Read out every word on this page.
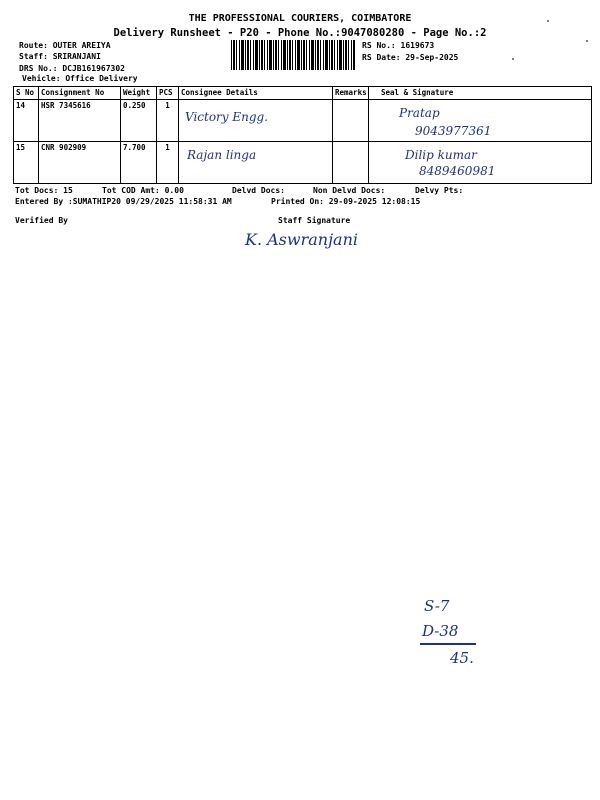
THE PROFESSIONAL COURIERS, COIMBATORE
Delivery Runsheet - P20 - Phone No.:9047080280 - Page No.:2
Route: OUTER AREIYA
Staff: SRIRANJANI
DRS No.: DCJB161967302
Vehicle: Office Delivery
RS No.: 1619673
RS Date: 29-Sep-2025
S No	Consignment No	Weight	PCS	Consignee Details	Remarks	Seal & Signature
14	HSR 7345616	0.250	1	Victory Engg.		Pratap
9043977361

15	CNR 902909	7.700	1	Rajan linga		Dilip kumar
8489460981
Tot Docs: 15	Tot COD Amt: 0.00	Delvd Docs:	Non Delvd Docs:	Delvy Pts:
Entered By :SUMATHIP20 09/29/2025 11:58:31 AM	Printed On: 29-09-2025 12:08:15
Verified By	Staff Signature
K. Aswranjani
S-7
D-38
45.
